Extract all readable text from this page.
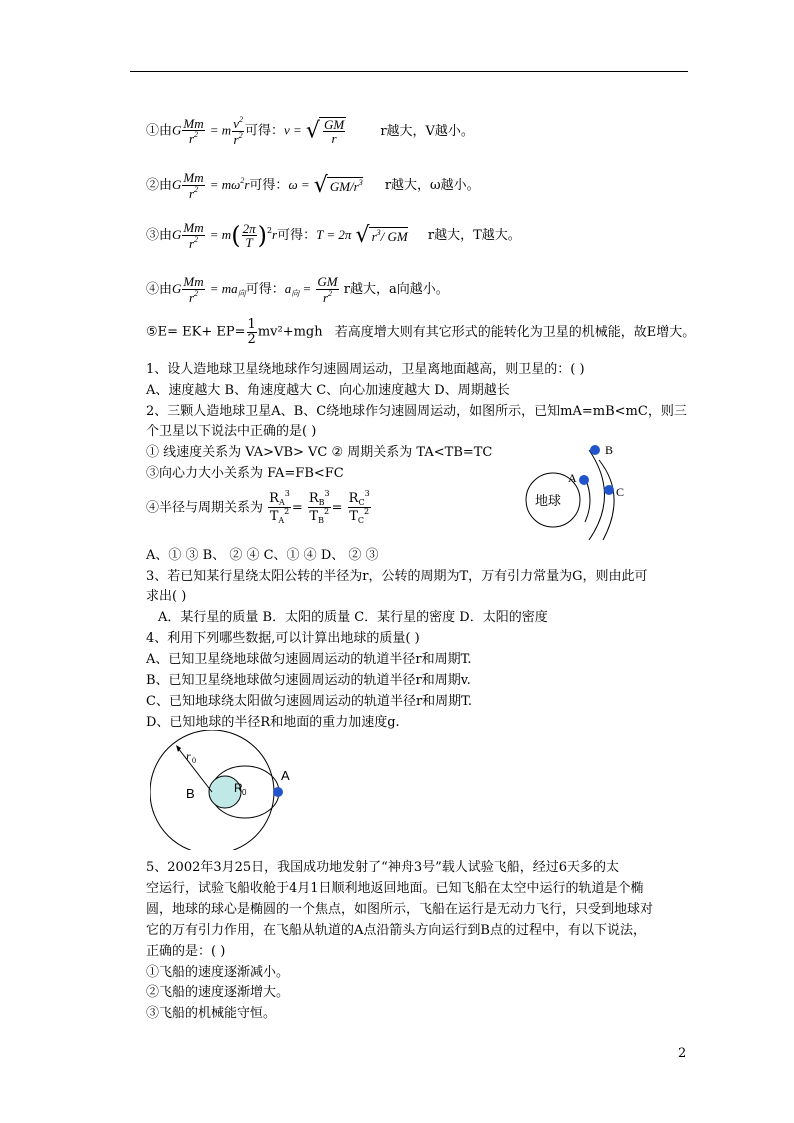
①由G $\frac{Mm}{r^2} = m \frac{v^2}{r^2}$ 可得：v = √ $\frac{GM}{r}$	r越大，V越小。
②由G $\frac{Mm}{r^2} = m\omega^2r$可得：ω = √ $GM/r^3$ r越大，ω越小。
③由G $\frac{Mm}{r^2} = m( \frac{2\pi}{T} )^2r$可得：T = 2π √ $r^3/$ GM r越大，T越大。
④由G $\frac{Mm}{r^2} = ma_向$可得：$a_向 = \frac{GM}{r^2}$ r越大，a向越小。
⑤E= $EK+ EP= \frac{1}{2} mv^2+mgh$ 若高度增大则有其它形式的能转化为卫星的机械能，故E增大。
1、设人造地球卫星绕地球作匀速圆周运动，卫星离地面越高，则卫星的：( )
A、速度越大 B、角速度越大 C、向心加速度越大 D、周期越长
2、三颗人造地球卫星A、B、C绕地球作匀速圆周运动，如图所示，已知mA=mB<mC，则三
个卫星以下说法中正确的是( )
① 线速度关系为 VA>VB> VC ② 周期关系为 TA<TB=TC
③向心力大小关系为 FA=FB<FC
④半径与周期关系为 $\frac{R_A^3}{T_A^2} = \frac{R_B^3}{T_B^2} = \frac{R_C^3}{T_C^2}$
A、① ③ B、 ② ④ C、① ④ D、 ② ③
地球
A
B
C
3、若已知某行星绕太阳公转的半径为r，公转的周期为T，万有引力常量为G，则由此可
求出( )
A．某行星的质量 B．太阳的质量 C．某行星的密度 D．太阳的密度
4、利用下列哪些数据,可以计算出地球的质量( )
A、已知卫星绕地球做匀速圆周运动的轨道半径r和周期T.
B、已知卫星绕地球做匀速圆周运动的轨道半径r和周期v.
C、已知地球绕太阳做匀速圆周运动的轨道半径r和周期T.
D、已知地球的半径R和地面的重力加速度g.
r 0
B
A
R 0
5、2002年3月25日，我国成功地发射了“神舟3号”载人试验飞船，经过6天多的太
空运行，试验飞船收舱于4月1日顺利地返回地面。已知飞船在太空中运行的轨道是个椭
圆，地球的球心是椭圆的一个焦点，如图所示，飞船在运行是无动力飞行，只受到地球对
它的万有引力作用，在飞船从轨道的A点沿箭头方向运行到B点的过程中，有以下说法，
正确的是：( )
①飞船的速度逐渐减小。
②飞船的速度逐渐增大。
③飞船的机械能守恒。
2
